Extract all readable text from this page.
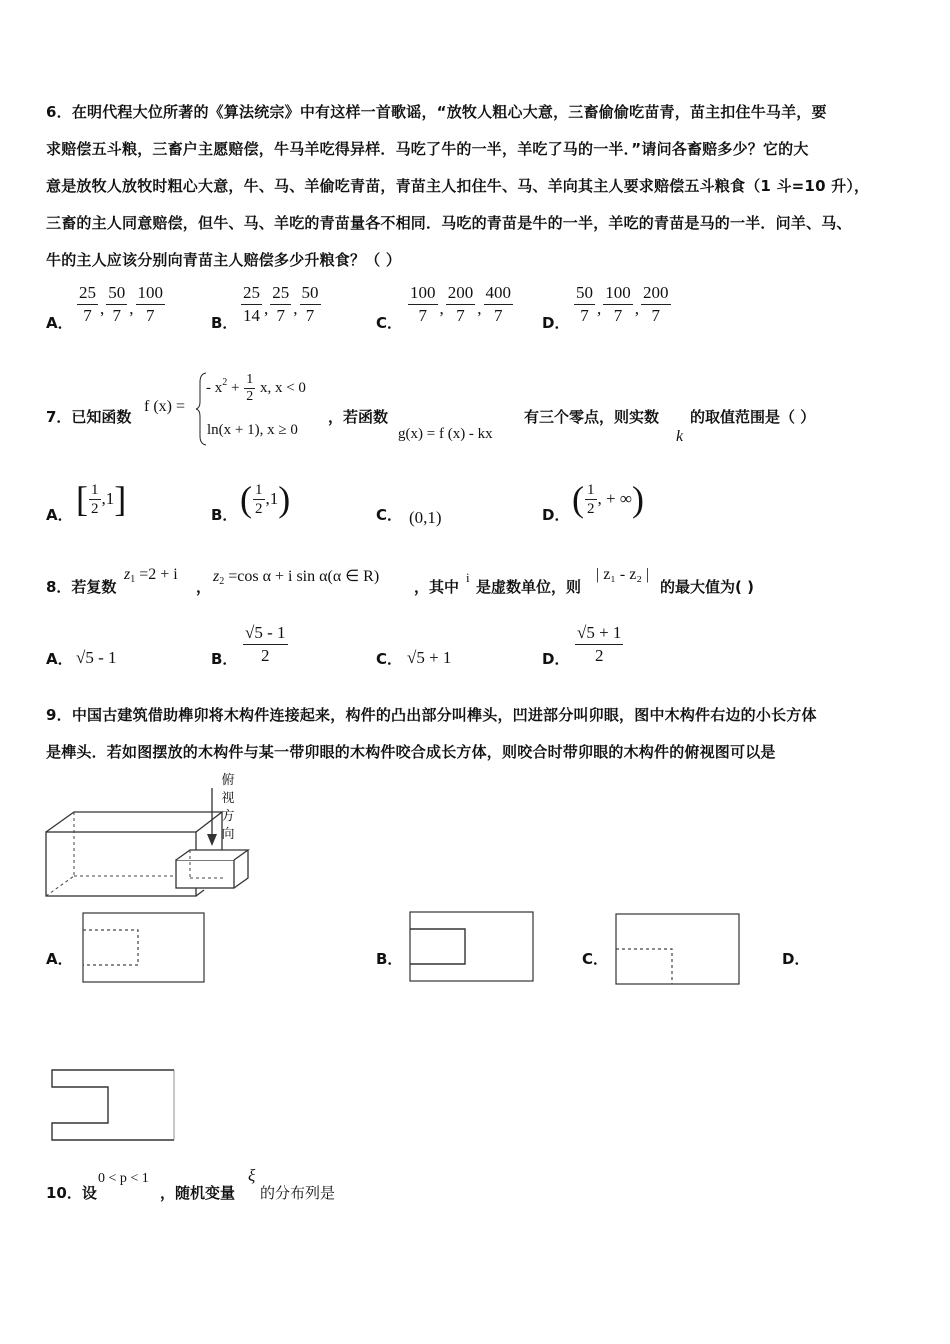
6．在明代程大位所著的《算法统宗》中有这样一首歌谣，“放牧人粗心大意，三畜偷偷吃苗青，苗主扣住牛马羊，要

求赔偿五斗粮，三畜户主愿赔偿，牛马羊吃得异样．马吃了牛的一半，羊吃了马的一半．”请问各畜赔多少？它的大

意是放牧人放牧时粗心大意，牛、马、羊偷吃青苗，青苗主人扣住牛、马、羊向其主人要求赔偿五斗粮食（1 斗=10 升），

三畜的主人同意赔偿，但牛、马、羊吃的青苗量各不相同．马吃的青苗是牛的一半，羊吃的青苗是马的一半．问羊、马、

牛的主人应该分别向青苗主人赔偿多少升粮食？（ ）

A． $\frac{25}{7}$ , $\frac{50}{7}$ , $\frac{100}{7}$	B． $\frac{25}{14}$ , $\frac{25}{7}$ , $\frac{50}{7}$	C． $\frac{100}{7}$ , $\frac{200}{7}$ , $\frac{400}{7}$ D． $\frac{50}{7}$ , $\frac{100}{7}$ , $\frac{200}{7}$
7．已知函数
f (x) =
- $x^2 + \frac{1}{2} x$, x < 0
ln(x + 1), x ≥ 0
，若函数
g(x) = f (x) - kx
有三个零点，则实数
k
的取值范围是（ ）
A． [ $\frac{1}{2} ,1$]	B． ( $\frac{1}{2} ,1$)	C． (0,1)	D． ( $\frac{1}{2}$ , + ∞)
8．若复数
$z_1 =2 + i$
，
$z_2 =\cos$ α + i sin α(α ∈ R)
，其中
i
是虚数单位，则
| z₁ - z₂ |
的最大值为( )
A． √5 - 1	B． $\frac{√5 - 1}{2}$	C． √5 + 1	D． $\frac{√5 + 1}{2}$

9．中国古建筑借助榫卯将木构件连接起来，构件的凸出部分叫榫头，凹进部分叫卯眼，图中木构件右边的小长方体

是榫头．若如图摆放的木构件与某一带卯眼的木构件咬合成长方体，则咬合时带卯眼的木构件的俯视图可以是

俯
视
方
向
A．	B．	C．	D．
10．设
0 < p < 1
，随机变量
ξ
的分布列是
